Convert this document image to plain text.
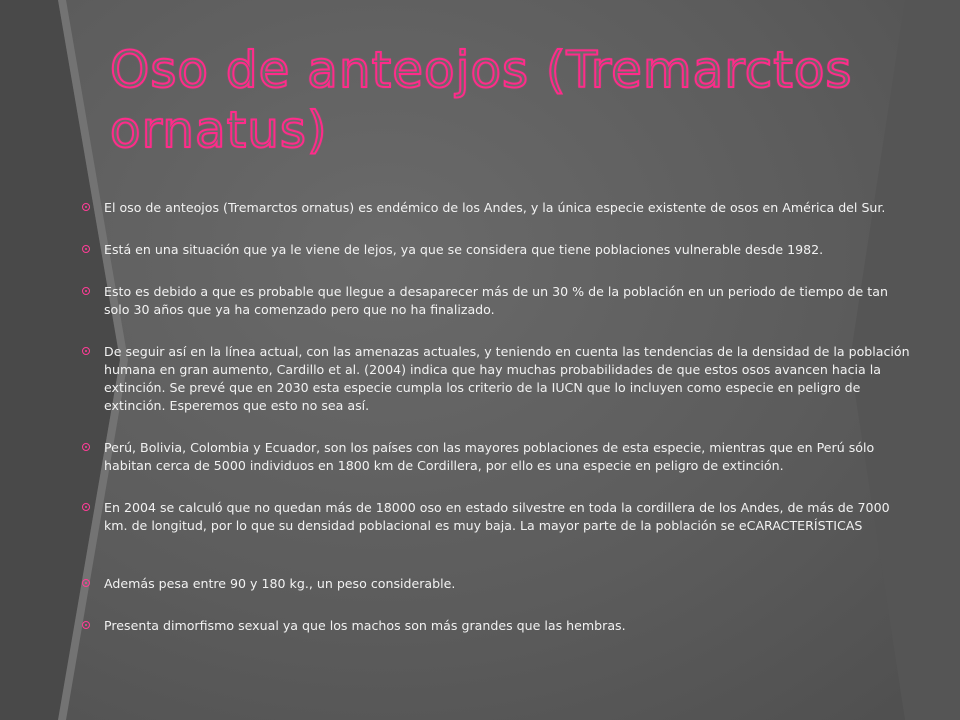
Oso de anteojos (Tremarctos ornatus)
El oso de anteojos (Tremarctos ornatus) es endémico de los Andes, y la única especie existente de osos en América del Sur.
Está en una situación que ya le viene de lejos, ya que se considera que tiene poblaciones vulnerable desde 1982.
Esto es debido a que es probable que llegue a desaparecer más de un 30 % de la población en un periodo de tiempo de tan solo 30 años que ya ha comenzado pero que no ha finalizado.
De seguir así en la línea actual, con las amenazas actuales, y teniendo en cuenta las tendencias de la densidad de la población humana en gran aumento, Cardillo et al. (2004) indica que hay muchas probabilidades de que estos osos avancen hacia la extinción. Se prevé que en 2030 esta especie cumpla los criterio de la IUCN que lo incluyen como especie en peligro de extinción. Esperemos que esto no sea así.
Perú, Bolivia, Colombia y Ecuador, son los países con las mayores poblaciones de esta especie, mientras que en Perú sólo habitan cerca de 5000 individuos en 1800 km de Cordillera, por ello es una especie en peligro de extinción.
En 2004 se calculó que no quedan más de 18000 oso en estado silvestre en toda la cordillera de los Andes, de más de 7000 km. de longitud, por lo que su densidad poblacional es muy baja. La mayor parte de la población se eCARACTERÍSTICAS
Además pesa entre 90 y 180 kg., un peso considerable.
Presenta dimorfismo sexual ya que los machos son más grandes que las hembras.
